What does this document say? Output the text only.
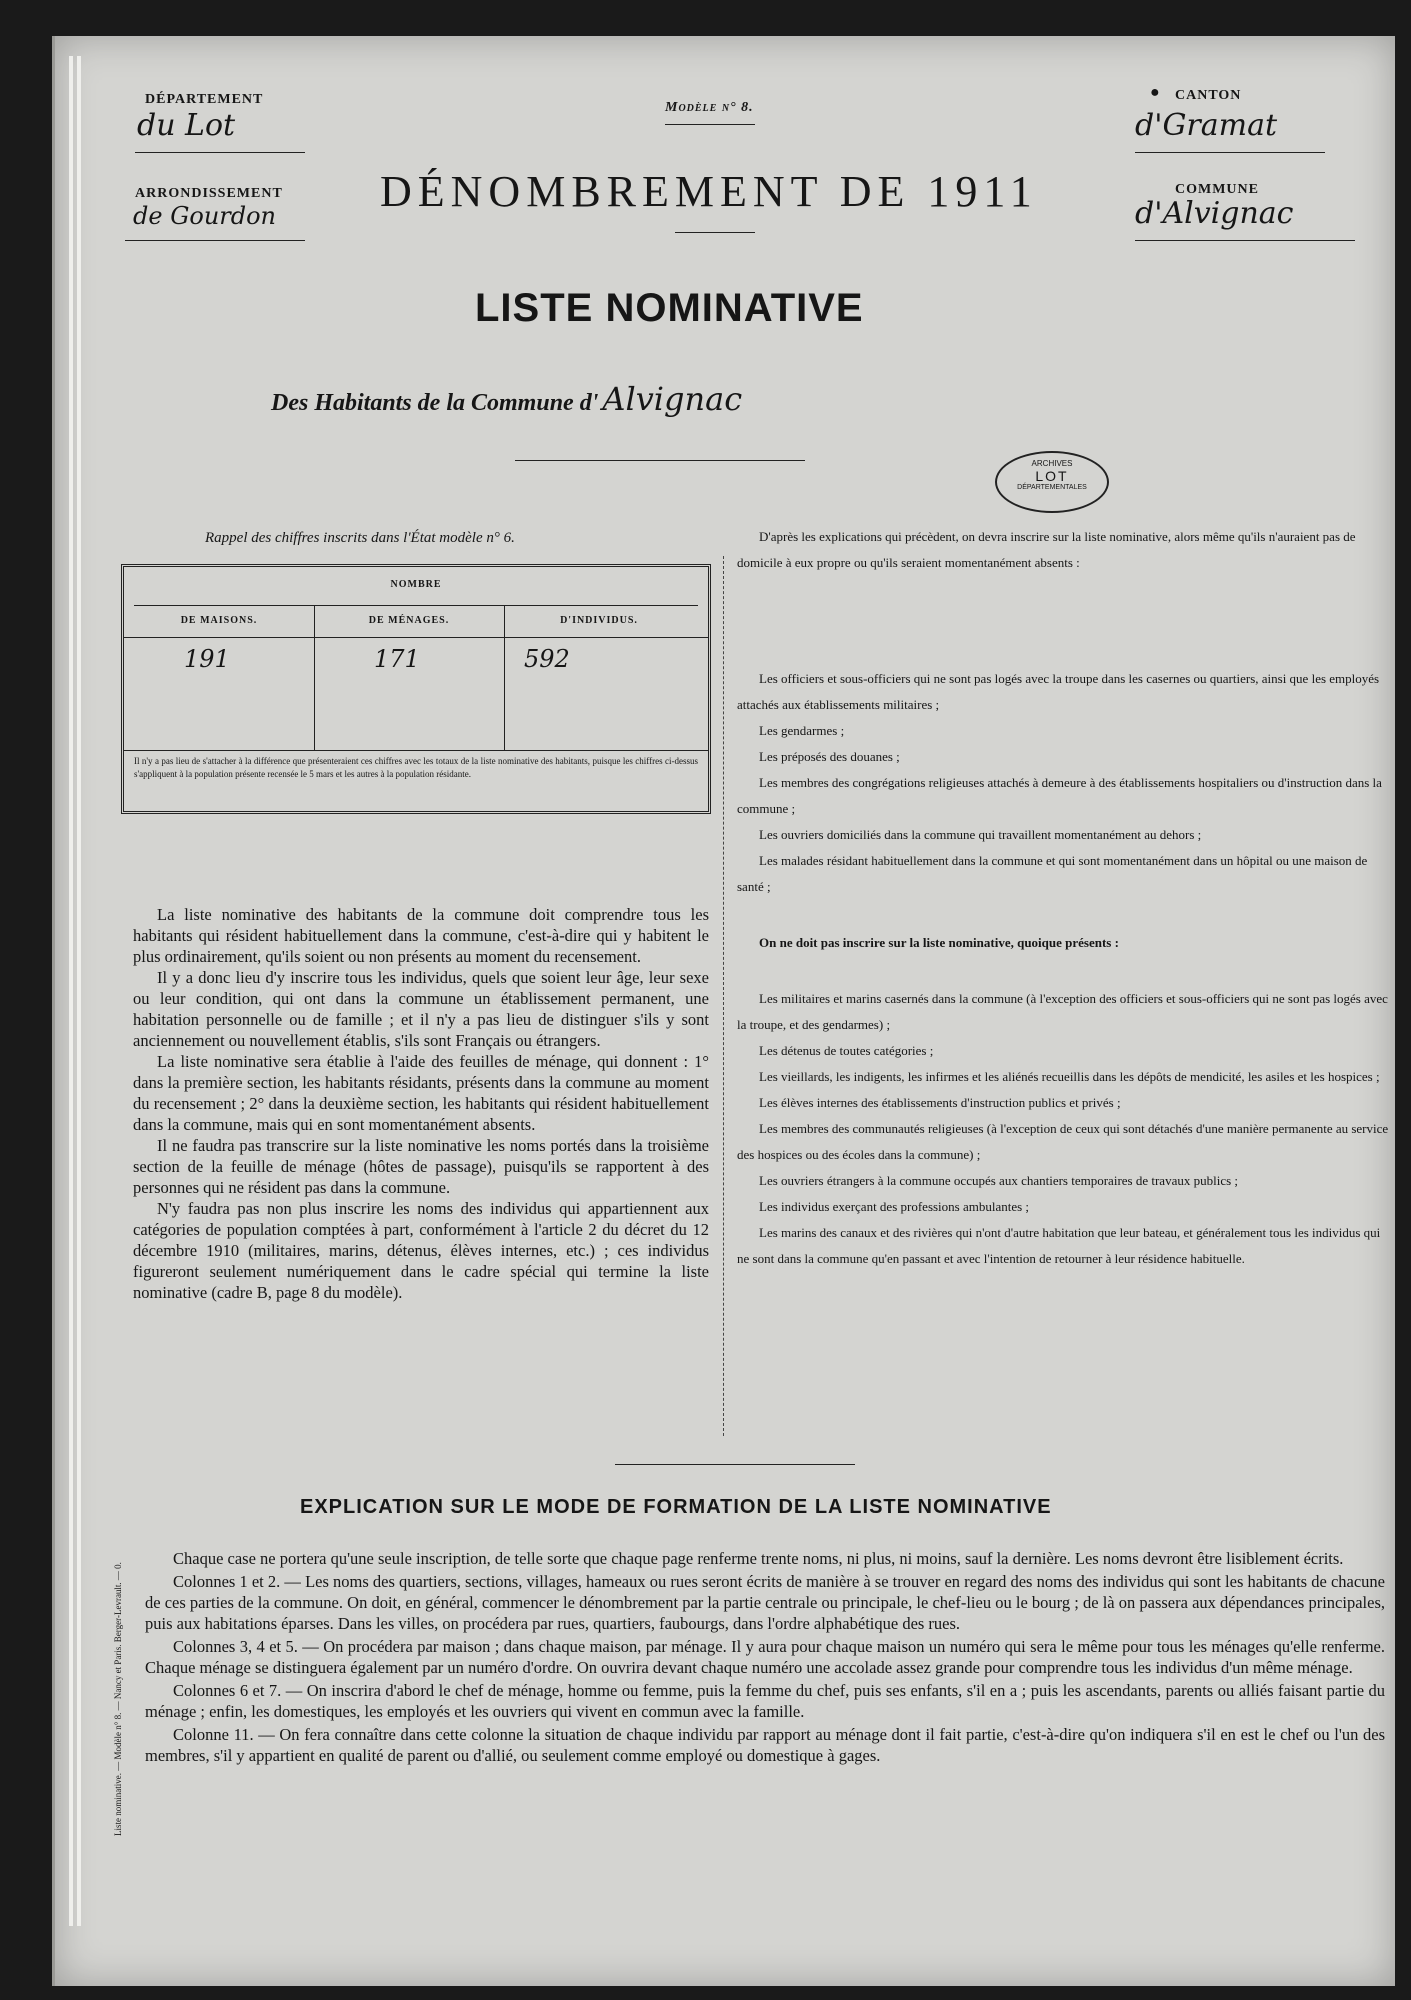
DÉPARTEMENT
du Lot
ARRONDISSEMENT
de Gourdon
Modèle n° 8.
DÉNOMBREMENT DE 1911
● CANTON
d'Gramat
COMMUNE
d'Alvignac
LISTE NOMINATIVE
Des Habitants de la Commune d' Alvignac
ARCHIVES
LOT
DÉPARTEMENTALES
Rappel des chiffres inscrits dans l'État modèle n° 6.
NOMBRE
DE MAISONS.	DE MÉNAGES.	D'INDIVIDUS.
191	171	592
Il n'y a pas lieu de s'attacher à la différence que présenteraient ces chiffres avec les totaux de la liste nominative des habitants, puisque les chiffres ci-dessus s'appliquent à la population présente recensée le 5 mars et les autres à la population résidante.

La liste nominative des habitants de la commune doit comprendre tous les habitants qui résident habituellement dans la commune, c'est-à-dire qui y habitent le plus ordinairement, qu'ils soient ou non présents au moment du recensement.

Il y a donc lieu d'y inscrire tous les individus, quels que soient leur âge, leur sexe ou leur condition, qui ont dans la commune un établissement permanent, une habitation personnelle ou de famille ; et il n'y a pas lieu de distinguer s'ils y sont anciennement ou nouvellement établis, s'ils sont Français ou étrangers.

La liste nominative sera établie à l'aide des feuilles de ménage, qui donnent : 1° dans la première section, les habitants résidants, présents dans la commune au moment du recensement ; 2° dans la deuxième section, les habitants qui résident habituellement dans la commune, mais qui en sont momentanément absents.

Il ne faudra pas transcrire sur la liste nominative les noms portés dans la troisième section de la feuille de ménage (hôtes de passage), puisqu'ils se rapportent à des personnes qui ne résident pas dans la commune.

N'y faudra pas non plus inscrire les noms des individus qui appartiennent aux catégories de population comptées à part, conformément à l'article 2 du décret du 12 décembre 1910 (militaires, marins, détenus, élèves internes, etc.) ; ces individus figureront seulement numériquement dans le cadre spécial qui termine la liste nominative (cadre B, page 8 du modèle).

D'après les explications qui précèdent, on devra inscrire sur la liste nominative, alors même qu'ils n'auraient pas de domicile à eux propre ou qu'ils seraient momentanément absents :
Les officiers et sous-officiers qui ne sont pas logés avec la troupe dans les casernes ou quartiers, ainsi que les employés attachés aux établissements militaires ;
Les gendarmes ;
Les préposés des douanes ;
Les membres des congrégations religieuses attachés à demeure à des établissements hospitaliers ou d'instruction dans la commune ;
Les ouvriers domiciliés dans la commune qui travaillent momentanément au dehors ;
Les malades résidant habituellement dans la commune et qui sont momentanément dans un hôpital ou une maison de santé ;
On ne doit pas inscrire sur la liste nominative, quoique présents :
Les militaires et marins casernés dans la commune (à l'exception des officiers et sous-officiers qui ne sont pas logés avec la troupe, et des gendarmes) ;
Les détenus de toutes catégories ;
Les vieillards, les indigents, les infirmes et les aliénés recueillis dans les dépôts de mendicité, les asiles et les hospices ;
Les élèves internes des établissements d'instruction publics et privés ;
Les membres des communautés religieuses (à l'exception de ceux qui sont détachés d'une manière permanente au service des hospices ou des écoles dans la commune) ;
Les ouvriers étrangers à la commune occupés aux chantiers temporaires de travaux publics ;
Les individus exerçant des professions ambulantes ;
Les marins des canaux et des rivières qui n'ont d'autre habitation que leur bateau, et généralement tous les individus qui ne sont dans la commune qu'en passant et avec l'intention de retourner à leur résidence habituelle.
EXPLICATION SUR LE MODE DE FORMATION DE LA LISTE NOMINATIVE

Chaque case ne portera qu'une seule inscription, de telle sorte que chaque page renferme trente noms, ni plus, ni moins, sauf la dernière. Les noms devront être lisiblement écrits.

Colonnes 1 et 2. — Les noms des quartiers, sections, villages, hameaux ou rues seront écrits de manière à se trouver en regard des noms des individus qui sont les habitants de chacune de ces parties de la commune. On doit, en général, commencer le dénombrement par la partie centrale ou principale, le chef-lieu ou le bourg ; de là on passera aux dépendances principales, puis aux habitations éparses. Dans les villes, on procédera par rues, quartiers, faubourgs, dans l'ordre alphabétique des rues.

Colonnes 3, 4 et 5. — On procédera par maison ; dans chaque maison, par ménage. Il y aura pour chaque maison un numéro qui sera le même pour tous les ménages qu'elle renferme. Chaque ménage se distinguera également par un numéro d'ordre. On ouvrira devant chaque numéro une accolade assez grande pour comprendre tous les individus d'un même ménage.

Colonnes 6 et 7. — On inscrira d'abord le chef de ménage, homme ou femme, puis la femme du chef, puis ses enfants, s'il en a ; puis les ascendants, parents ou alliés faisant partie du ménage ; enfin, les domestiques, les employés et les ouvriers qui vivent en commun avec la famille.

Colonne 11. — On fera connaître dans cette colonne la situation de chaque individu par rapport au ménage dont il fait partie, c'est-à-dire qu'on indiquera s'il en est le chef ou l'un des membres, s'il y appartient en qualité de parent ou d'allié, ou seulement comme employé ou domestique à gages.

Liste nominative. — Modèle n° 8. — Nancy et Paris. Berger-Levrault. — 0.
